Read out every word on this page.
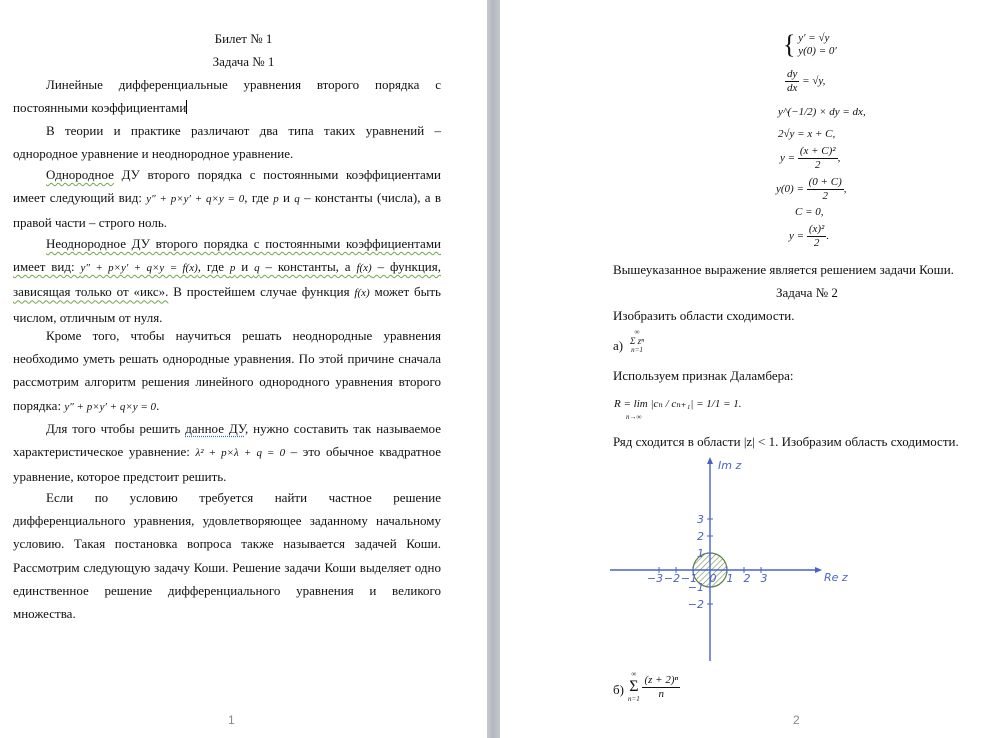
Билет № 1
Задача № 1

Линейные дифференциальные уравнения второго порядка с постоянными коэффициентами

В теории и практике различают два типа таких уравнений – однородное уравнение и неоднородное уравнение.

Однородное ДУ второго порядка с постоянными коэффициентами имеет следующий вид: y″ + p×y′ + q×y = 0, где p и q – константы (числа), а в правой части – строго ноль.

Неоднородное ДУ второго порядка с постоянными коэффициентами имеет вид: y″ + p×y′ + q×y = f(x), где p и q – константы, а f(x) – функция, зависящая только от «икс». В простейшем случае функция f(x) может быть числом, отличным от нуля.

Кроме того, чтобы научиться решать неоднородные уравнения необходимо уметь решать однородные уравнения. По этой причине сначала рассмотрим алгоритм решения линейного однородного уравнения второго порядка: y″ + p×y′ + q×y = 0.

Для того чтобы решить данное ДУ, нужно составить так называемое характеристическое уравнение: λ² + p×λ + q = 0 – это обычное квадратное уравнение, которое предстоит решить.

Если по условию требуется найти частное решение дифференциального уравнения, удовлетворяющее заданному начальному условию. Такая постановка вопроса также называется задачей Коши. Рассмотрим следующую задачу Коши. Решение задачи Коши выделяет одно единственное решение дифференциального уравнения и великого множества.

1
{ y′ = √y
y(0) = 0′
$\frac{dy}{dx} = √y$,
y^(−1/2) × dy = dx,
2√y = x + C,
$y = \frac{\text{(x + C)²}}{2}$ ,
$y(0) = \frac{(0 + C)}{2}$ ,
C = 0,
$y = \frac{\text{(x)²}}{2}$ .
Вышеуказанное выражение является решением задачи Коши.
Задача № 2
Изобразить области сходимости.
а)
∞
Σ zⁿ
n=1
Используем признак Даламбера:
R = lim |cₙ / cₙ₊₁| = 1/1 = 1.
n→∞
Ряд сходится в области |z| < 1. Изобразим область сходимости.
−3 −2 −1 0 1 2 3
3
2
1
−1
−2
Im z
Re z
б)
∞
Σ
n=1
$\frac{\text{(z + 2)ⁿ}}{n}$
2
